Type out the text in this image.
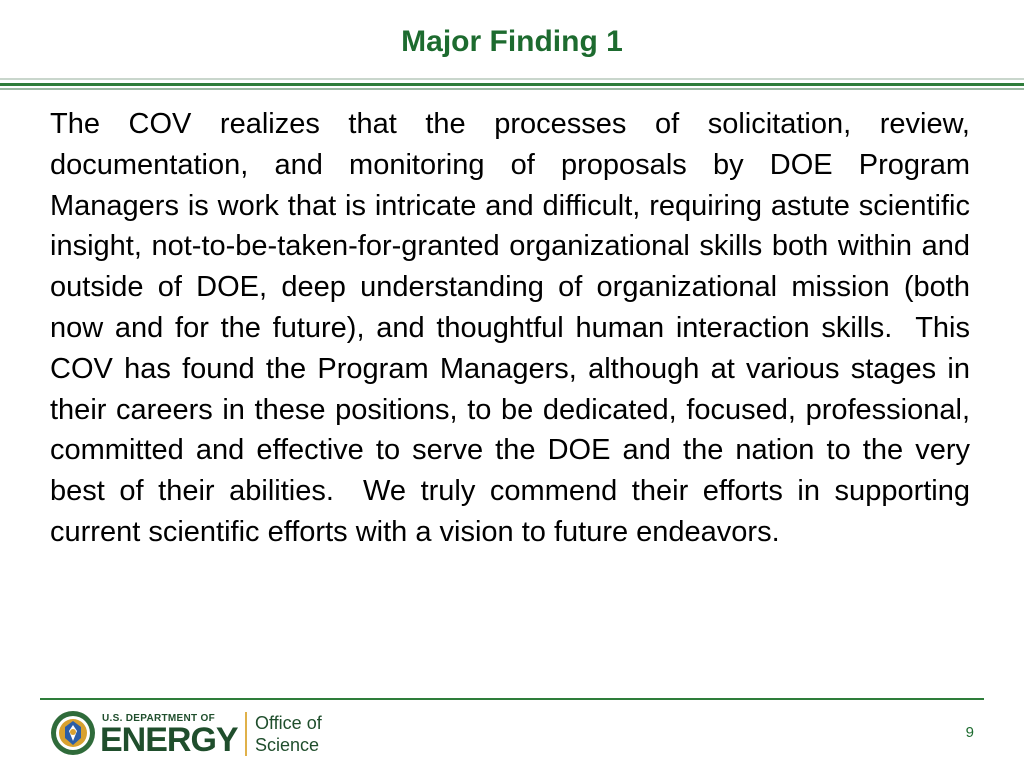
Major Finding 1

The COV realizes that the processes of solicitation, review, documentation, and monitoring of proposals by DOE Program Managers is work that is intricate and difficult, requiring astute scientific insight, not-to-be-taken-for-granted organizational skills both within and outside of DOE, deep understanding of organizational mission (both now and for the future), and thoughtful human interaction skills.  This COV has found the Program Managers, although at various stages in their careers in these positions, to be dedicated, focused, professional, committed and effective to serve the DOE and the nation to the very best of their abilities.  We truly commend their efforts in supporting current scientific efforts with a vision to future endeavors.

U.S. DEPARTMENT OF
ENERGY Office of
Science
9
